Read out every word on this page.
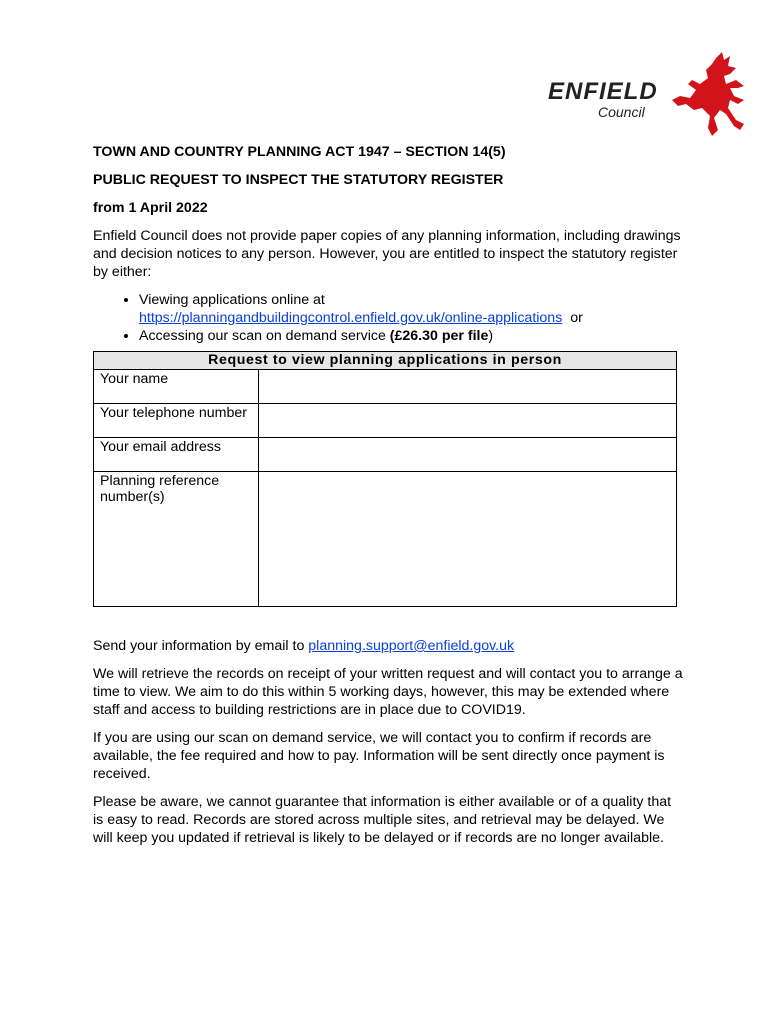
ENFIELD
Council
TOWN AND COUNTRY PLANNING ACT 1947 – SECTION 14(5)
PUBLIC REQUEST TO INSPECT THE STATUTORY REGISTER
from 1 April 2022

Enfield Council does not provide paper copies of any planning information, including drawings and decision notices to any person. However, you are entitled to inspect the statutory register by either:

• Viewing applications online at
https://planningandbuildingcontrol.enfield.gov.uk/online-applications or
• Accessing our scan on demand service (£26.30 per file)
Request to view planning applications in person	
Your name	
Your telephone number	
Your email address	
Planning reference number(s)	

Send your information by email to planning.support@enfield.gov.uk

We will retrieve the records on receipt of your written request and will contact you to arrange a time to view. We aim to do this within 5 working days, however, this may be extended where staff and access to building restrictions are in place due to COVID19.

If you are using our scan on demand service, we will contact you to confirm if records are available, the fee required and how to pay. Information will be sent directly once payment is received.

Please be aware, we cannot guarantee that information is either available or of a quality that is easy to read. Records are stored across multiple sites, and retrieval may be delayed. We will keep you updated if retrieval is likely to be delayed or if records are no longer available.
